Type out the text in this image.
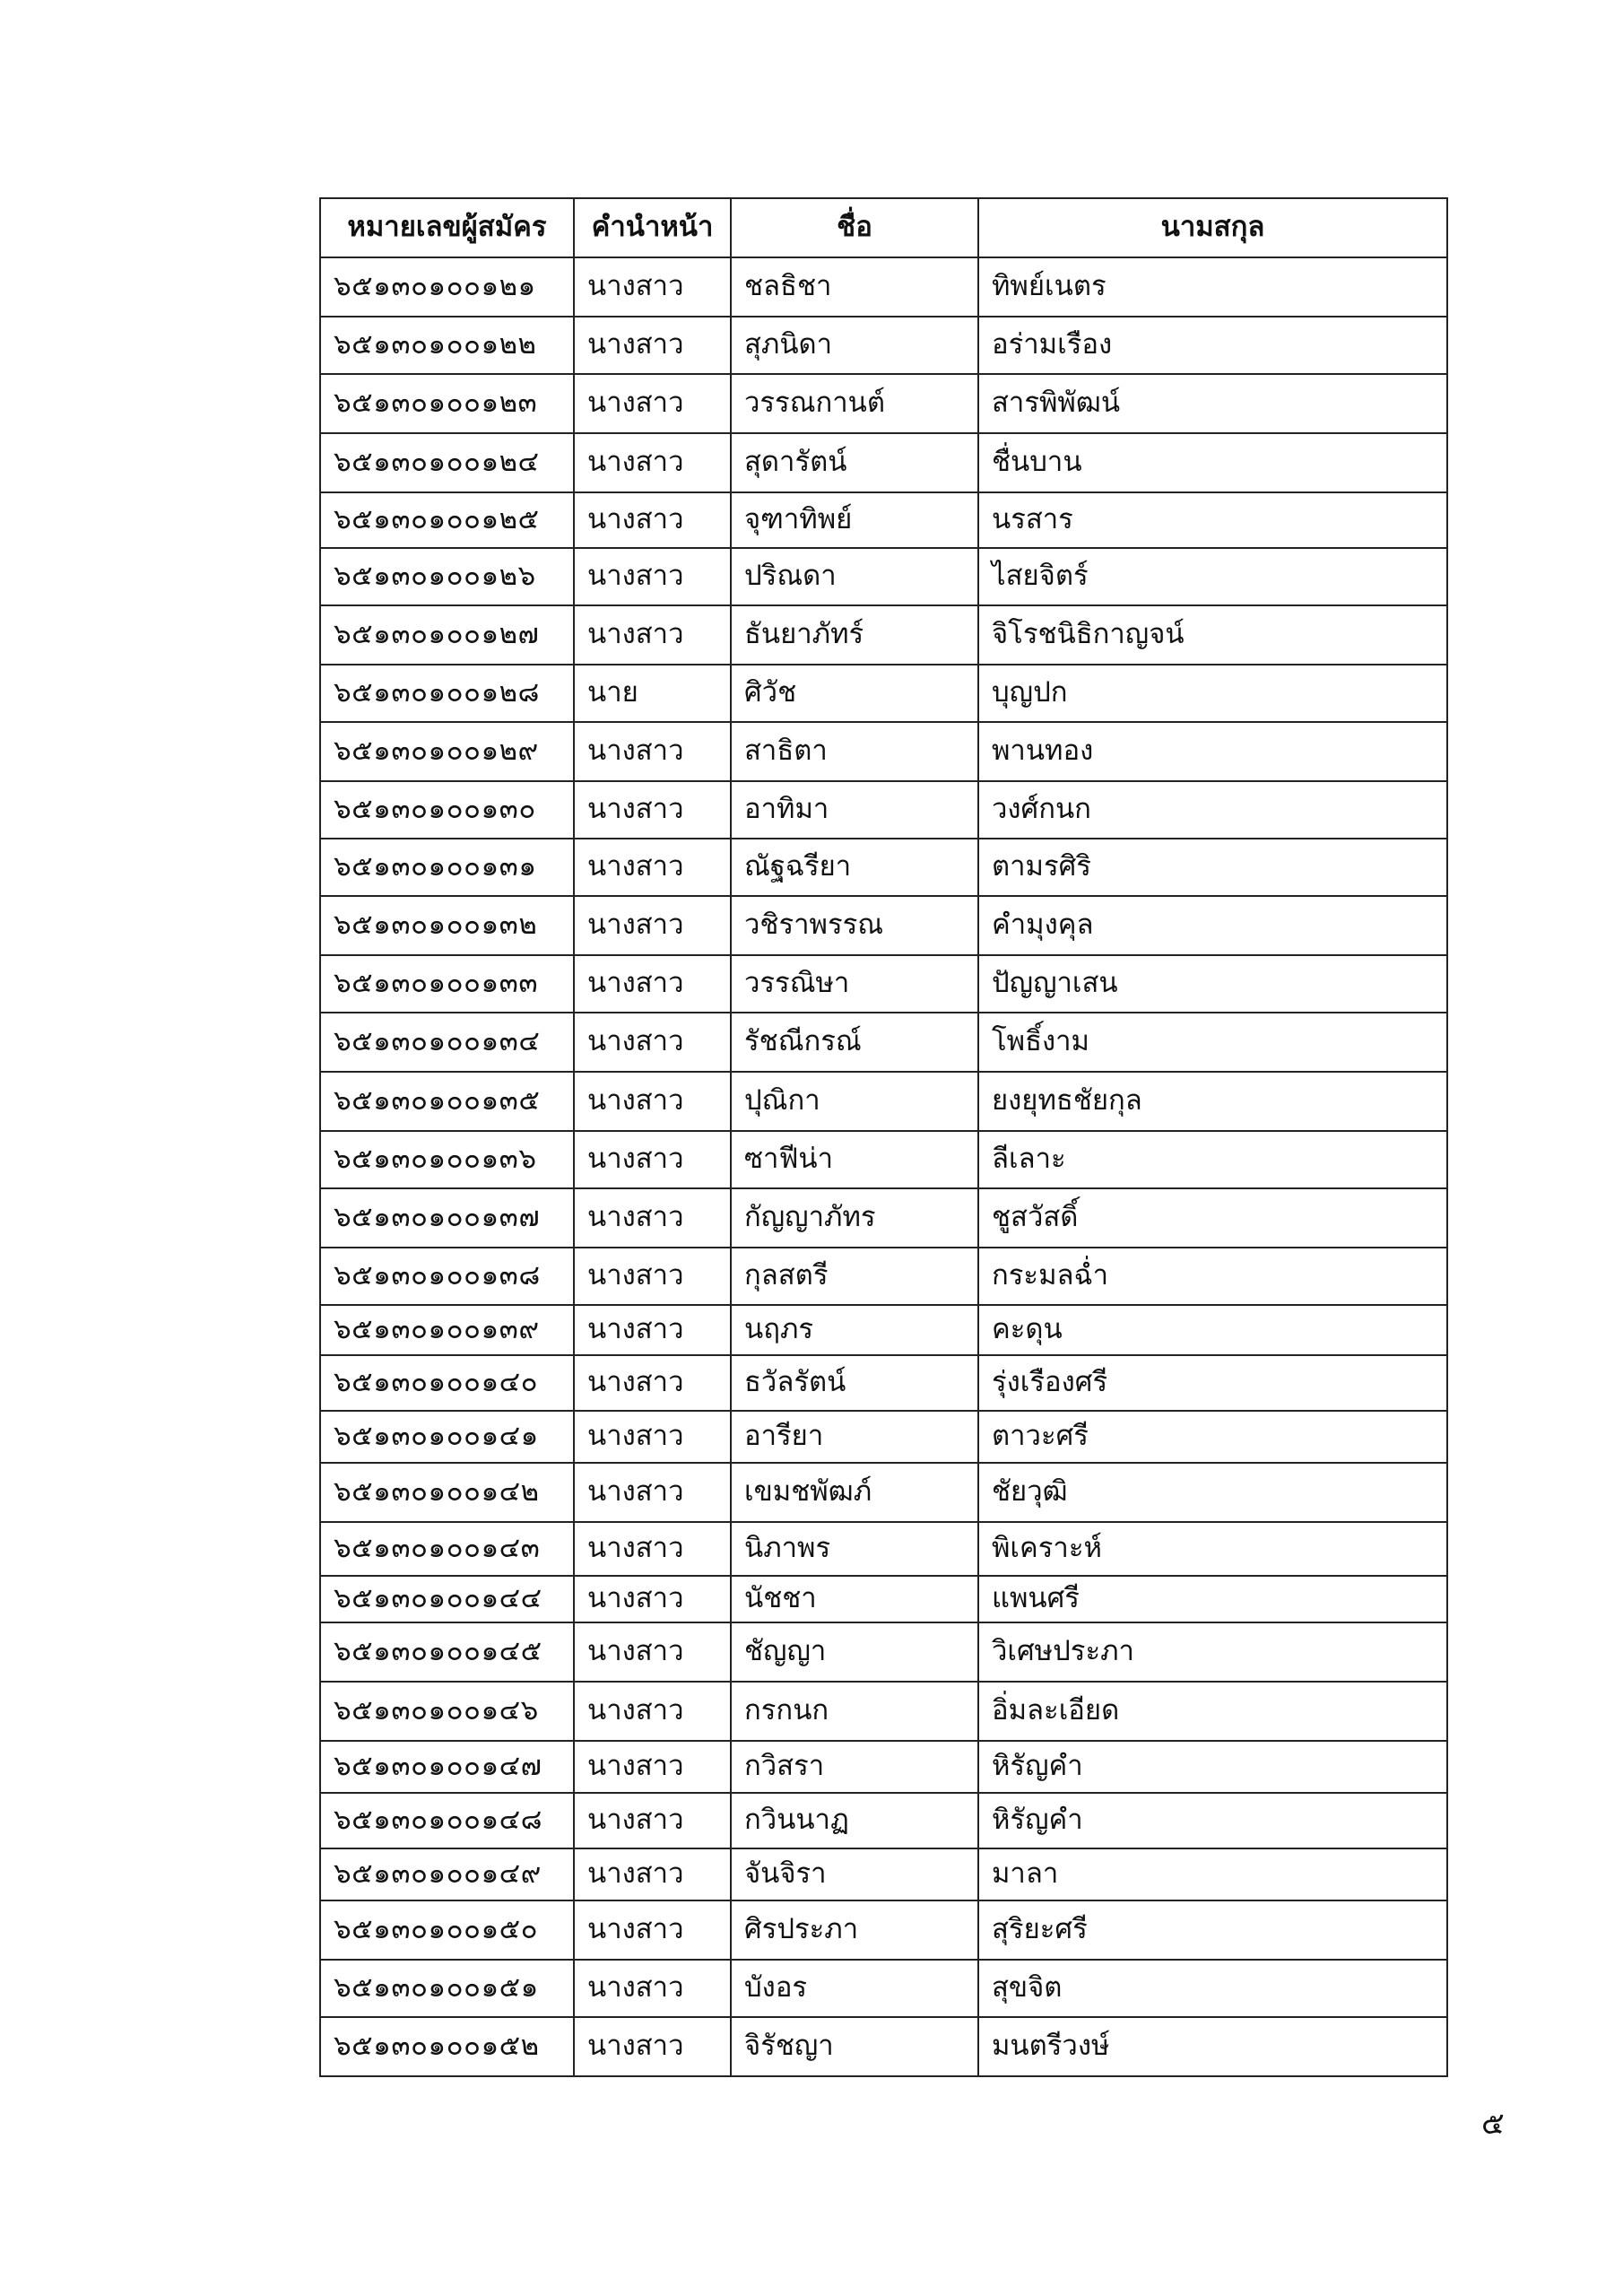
หมายเลขผู้สมัคร	คำนำหน้า	ชื่อ	นามสกุล
๖๕๑๓๐๑๐๐๑๒๑	นางสาว	ชลธิชา	ทิพย์เนตร
๖๕๑๓๐๑๐๐๑๒๒	นางสาว	สุภนิดา	อร่ามเรือง
๖๕๑๓๐๑๐๐๑๒๓	นางสาว	วรรณกานต์	สารพิพัฒน์
๖๕๑๓๐๑๐๐๑๒๔	นางสาว	สุดารัตน์	ชื่นบาน
๖๕๑๓๐๑๐๐๑๒๕	นางสาว	จุฑาทิพย์	นรสาร
๖๕๑๓๐๑๐๐๑๒๖	นางสาว	ปริณดา	ไสยจิตร์
๖๕๑๓๐๑๐๐๑๒๗	นางสาว	ธันยาภัทร์	จิโรชนิธิกาญจน์
๖๕๑๓๐๑๐๐๑๒๘	นาย	ศิวัช	บุญปก
๖๕๑๓๐๑๐๐๑๒๙	นางสาว	สาธิตา	พานทอง
๖๕๑๓๐๑๐๐๑๓๐	นางสาว	อาทิมา	วงศ์กนก
๖๕๑๓๐๑๐๐๑๓๑	นางสาว	ณัฐฉรียา	ตามรศิริ
๖๕๑๓๐๑๐๐๑๓๒	นางสาว	วชิราพรรณ	คำมุงคุล
๖๕๑๓๐๑๐๐๑๓๓	นางสาว	วรรณิษา	ปัญญาเสน
๖๕๑๓๐๑๐๐๑๓๔	นางสาว	รัชณีกรณ์	โพธิ์งาม
๖๕๑๓๐๑๐๐๑๓๕	นางสาว	ปุณิกา	ยงยุทธชัยกุล
๖๕๑๓๐๑๐๐๑๓๖	นางสาว	ซาฟีน่า	ลีเลาะ
๖๕๑๓๐๑๐๐๑๓๗	นางสาว	กัญญาภัทร	ชูสวัสดิ์
๖๕๑๓๐๑๐๐๑๓๘	นางสาว	กุลสตรี	กระมลฉ่ำ
๖๕๑๓๐๑๐๐๑๓๙	นางสาว	นฤภร	คะดุน
๖๕๑๓๐๑๐๐๑๔๐	นางสาว	ธวัลรัตน์	รุ่งเรืองศรี
๖๕๑๓๐๑๐๐๑๔๑	นางสาว	อารียา	ตาวะศรี
๖๕๑๓๐๑๐๐๑๔๒	นางสาว	เขมชพัฒภ์	ชัยวุฒิ
๖๕๑๓๐๑๐๐๑๔๓	นางสาว	นิภาพร	พิเคราะห์
๖๕๑๓๐๑๐๐๑๔๔	นางสาว	นัชชา	แพนศรี
๖๕๑๓๐๑๐๐๑๔๕	นางสาว	ชัญญา	วิเศษประภา
๖๕๑๓๐๑๐๐๑๔๖	นางสาว	กรกนก	อิ่มละเอียด
๖๕๑๓๐๑๐๐๑๔๗	นางสาว	กวิสรา	หิรัญคำ
๖๕๑๓๐๑๐๐๑๔๘	นางสาว	กวินนาฏ	หิรัญคำ
๖๕๑๓๐๑๐๐๑๔๙	นางสาว	จันจิรา	มาลา
๖๕๑๓๐๑๐๐๑๕๐	นางสาว	ศิรประภา	สุริยะศรี
๖๕๑๓๐๑๐๐๑๕๑	นางสาว	บังอร	สุขจิต
๖๕๑๓๐๑๐๐๑๕๒	นางสาว	จิรัชญา	มนตรีวงษ์
๕
